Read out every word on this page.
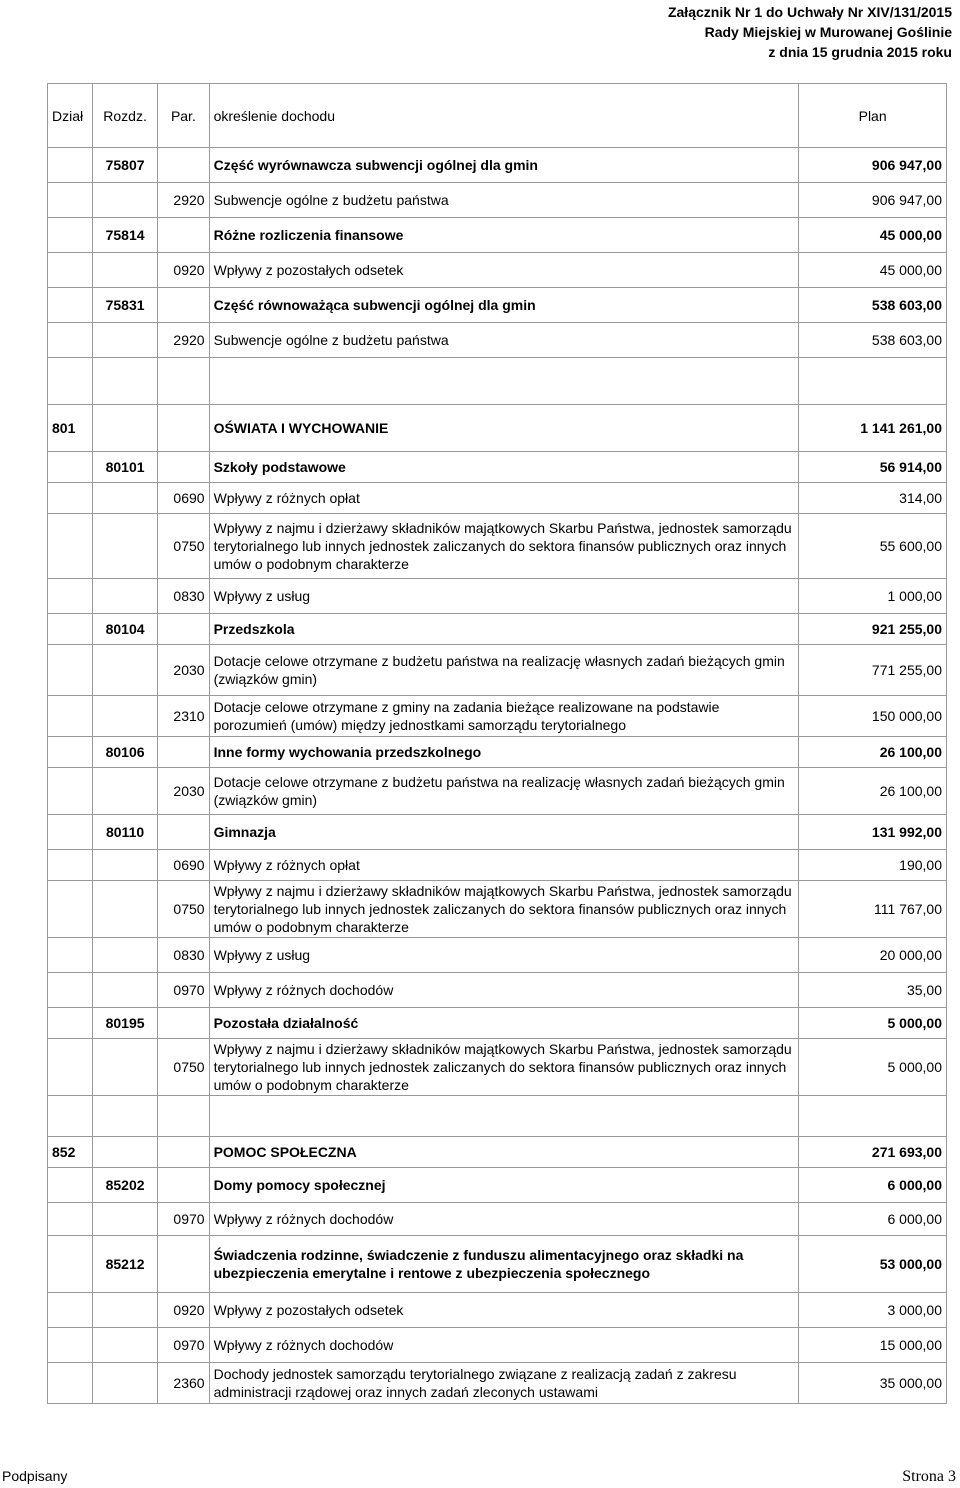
Załącznik Nr 1 do Uchwały Nr XIV/131/2015
Rady Miejskiej w Murowanej Goślinie
z dnia 15 grudnia 2015 roku
Dział	Rozdz.	Par.	określenie dochodu	Plan
	75807		Część wyrównawcza subwencji ogólnej dla gmin	906 947,00
		2920	Subwencje ogólne z budżetu państwa	906 947,00
	75814		Różne rozliczenia finansowe	45 000,00
		0920	Wpływy z pozostałych odsetek	45 000,00
	75831		Część równoważąca subwencji ogólnej dla gmin	538 603,00
		2920	Subwencje ogólne z budżetu państwa	538 603,00

801			OŚWIATA I WYCHOWANIE	1 141 261,00
	80101		Szkoły podstawowe	56 914,00
		0690	Wpływy z różnych opłat	314,00
		0750	Wpływy z najmu i dzierżawy składników majątkowych Skarbu Państwa, jednostek samorządu terytorialnego lub innych jednostek zaliczanych do sektora finansów publicznych oraz innych umów o podobnym charakterze	55 600,00
		0830	Wpływy z usług	1 000,00
	80104		Przedszkola	921 255,00
		2030	Dotacje celowe otrzymane z budżetu państwa na realizację własnych zadań bieżących gmin (związków gmin)	771 255,00
		2310	Dotacje celowe otrzymane z gminy na zadania bieżące realizowane na podstawie porozumień (umów) między jednostkami samorządu terytorialnego	150 000,00
	80106		Inne formy wychowania przedszkolnego	26 100,00
		2030	Dotacje celowe otrzymane z budżetu państwa na realizację własnych zadań bieżących gmin (związków gmin)	26 100,00
	80110		Gimnazja	131 992,00
		0690	Wpływy z różnych opłat	190,00
		0750	Wpływy z najmu i dzierżawy składników majątkowych Skarbu Państwa, jednostek samorządu terytorialnego lub innych jednostek zaliczanych do sektora finansów publicznych oraz innych umów o podobnym charakterze	111 767,00
		0830	Wpływy z usług	20 000,00
		0970	Wpływy z różnych dochodów	35,00
	80195		Pozostała działalność	5 000,00
		0750	Wpływy z najmu i dzierżawy składników majątkowych Skarbu Państwa, jednostek samorządu terytorialnego lub innych jednostek zaliczanych do sektora finansów publicznych oraz innych umów o podobnym charakterze	5 000,00

852			POMOC SPOŁECZNA	271 693,00
	85202		Domy pomocy społecznej	6 000,00
		0970	Wpływy z różnych dochodów	6 000,00
	85212		Świadczenia rodzinne, świadczenie z funduszu alimentacyjnego oraz składki na ubezpieczenia emerytalne i rentowe z ubezpieczenia społecznego	53 000,00
		0920	Wpływy z pozostałych odsetek	3 000,00
		0970	Wpływy z różnych dochodów	15 000,00
		2360	Dochody jednostek samorządu terytorialnego związane z realizacją zadań z zakresu administracji rządowej oraz innych zadań zleconych ustawami	35 000,00
Podpisany	Strona 3
